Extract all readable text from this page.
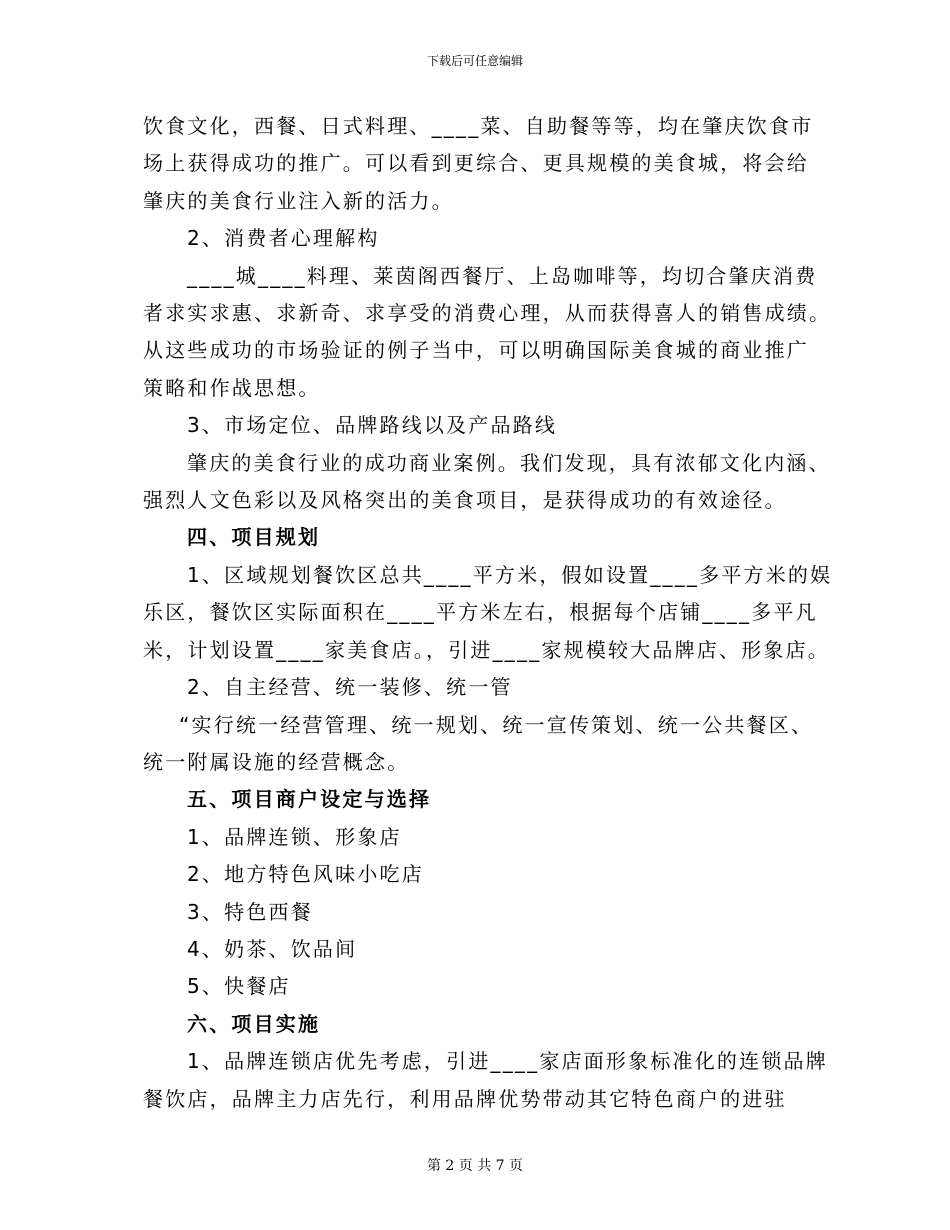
下载后可任意编辑

饮食文化，西餐、日式料理、____菜、自助餐等等，均在肇庆饮食市

场上获得成功的推广。可以看到更综合、更具规模的美食城，将会给

肇庆的美食行业注入新的活力。

2、消费者心理解构

____城____料理、莱茵阁西餐厅、上岛咖啡等，均切合肇庆消费

者求实求惠、求新奇、求享受的消费心理，从而获得喜人的销售成绩。

从这些成功的市场验证的例子当中，可以明确国际美食城的商业推广

策略和作战思想。

3、市场定位、品牌路线以及产品路线

肇庆的美食行业的成功商业案例。我们发现，具有浓郁文化内涵、

强烈人文色彩以及风格突出的美食项目，是获得成功的有效途径。

四、项目规划

1、区域规划餐饮区总共____平方米，假如设置____多平方米的娱

乐区，餐饮区实际面积在____平方米左右，根据每个店铺____多平凡

米，计划设置____家美食店。，引进____家规模较大品牌店、形象店。

2、自主经营、统一装修、统一管

“实行统一经营管理、统一规划、统一宣传策划、统一公共餐区、

统一附属设施的经营概念。

五、项目商户设定与选择

1、品牌连锁、形象店

2、地方特色风味小吃店

3、特色西餐

4、奶茶、饮品间

5、快餐店

六、项目实施

1、品牌连锁店优先考虑，引进____家店面形象标准化的连锁品牌

餐饮店，品牌主力店先行，利用品牌优势带动其它特色商户的进驻

第 2 页 共 7 页
